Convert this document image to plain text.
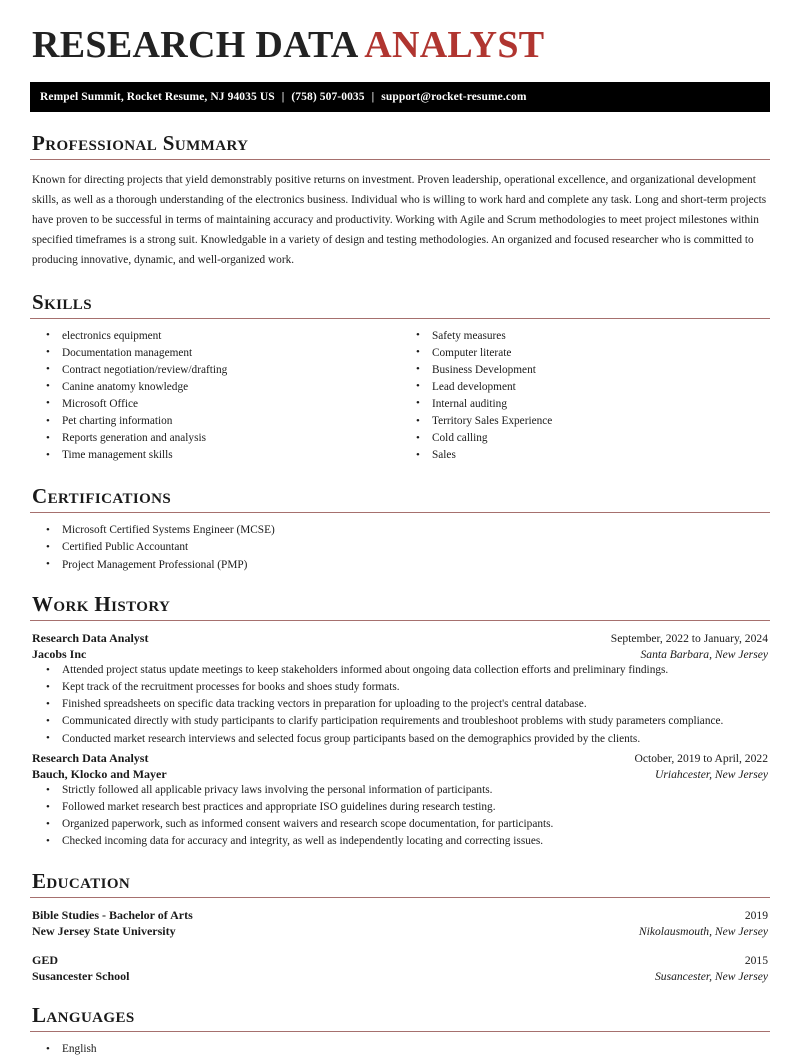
RESEARCH DATA ANALYST
Rempel Summit, Rocket Resume, NJ 94035 US | (758) 507-0035 | support@rocket-resume.com
Professional Summary

Known for directing projects that yield demonstrably positive returns on investment. Proven leadership, operational excellence, and organizational development skills, as well as a thorough understanding of the electronics business. Individual who is willing to work hard and complete any task. Long and short-term projects have proven to be successful in terms of maintaining accuracy and productivity. Working with Agile and Scrum methodologies to meet project milestones within specified timeframes is a strong suit. Knowledgable in a variety of design and testing methodologies. An organized and focused researcher who is committed to producing innovative, dynamic, and well-organized work.

Skills
• electronics equipment
• Documentation management
• Contract negotiation/review/drafting
• Canine anatomy knowledge
• Microsoft Office
• Pet charting information
• Reports generation and analysis
• Time management skills
• Safety measures
• Computer literate
• Business Development
• Lead development
• Internal auditing
• Territory Sales Experience
• Cold calling
• Sales
Certifications
• Microsoft Certified Systems Engineer (MCSE)
• Certified Public Accountant
• Project Management Professional (PMP)
Work History
Research Data Analyst	September, 2022 to January, 2024
Jacobs Inc	Santa Barbara, New Jersey
• Attended project status update meetings to keep stakeholders informed about ongoing data collection efforts and preliminary findings.
• Kept track of the recruitment processes for books and shoes study formats.
• Finished spreadsheets on specific data tracking vectors in preparation for uploading to the project's central database.
• Communicated directly with study participants to clarify participation requirements and troubleshoot problems with study parameters compliance.
• Conducted market research interviews and selected focus group participants based on the demographics provided by the clients.
Research Data Analyst	October, 2019 to April, 2022
Bauch, Klocko and Mayer	Uriahcester, New Jersey
• Strictly followed all applicable privacy laws involving the personal information of participants.
• Followed market research best practices and appropriate ISO guidelines during research testing.
• Organized paperwork, such as informed consent waivers and research scope documentation, for participants.
• Checked incoming data for accuracy and integrity, as well as independently locating and correcting issues.
Education
Bible Studies - Bachelor of Arts	2019
New Jersey State University	Nikolausmouth, New Jersey
GED	2015
Susancester School	Susancester, New Jersey
Languages
• English
